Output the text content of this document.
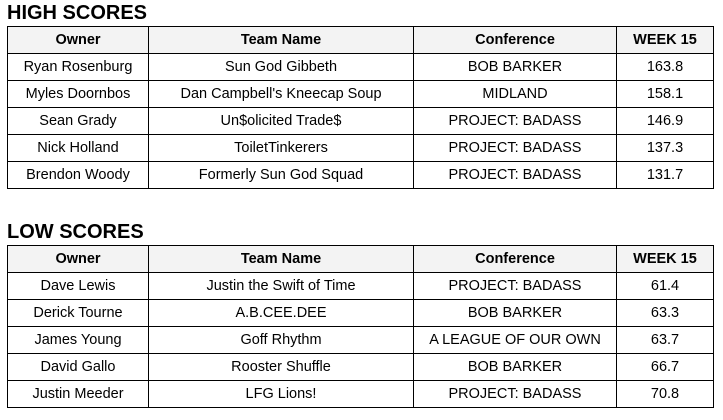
HIGH SCORES
Owner	Team Name	Conference	WEEK 15
Ryan Rosenburg	Sun God Gibbeth	BOB BARKER	163.8
Myles Doornbos	Dan Campbell's Kneecap Soup	MIDLAND	158.1
Sean Grady	Un$olicited Trade$	PROJECT: BADASS	146.9
Nick Holland	ToiletTinkerers	PROJECT: BADASS	137.3
Brendon Woody	Formerly Sun God Squad	PROJECT: BADASS	131.7
LOW SCORES
Owner	Team Name	Conference	WEEK 15
Dave Lewis	Justin the Swift of Time	PROJECT: BADASS	61.4
Derick Tourne	A.B.CEE.DEE	BOB BARKER	63.3
James Young	Goff Rhythm	A LEAGUE OF OUR OWN	63.7
David Gallo	Rooster Shuffle	BOB BARKER	66.7
Justin Meeder	LFG Lions!	PROJECT: BADASS	70.8
